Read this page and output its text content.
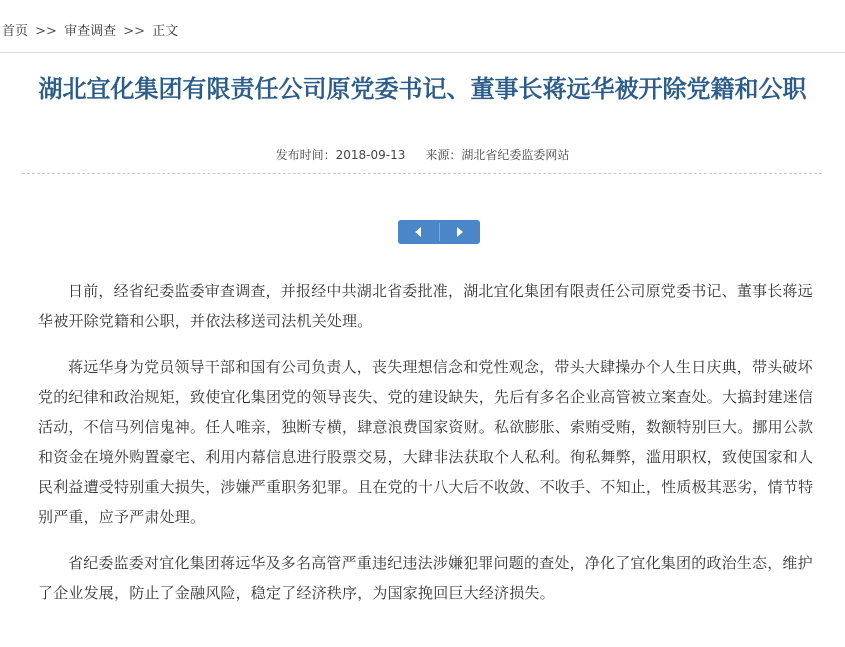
首页 >> 审查调查 >> 正文
湖北宜化集团有限责任公司原党委书记、董事长蒋远华被开除党籍和公职
发布时间：2018-09-13 来源：湖北省纪委监委网站

日前，经省纪委监委审查调查，并报经中共湖北省委批准，湖北宜化集团有限责任公司原党委书记、董事长蒋远华被开除党籍和公职，并依法移送司法机关处理。

蒋远华身为党员领导干部和国有公司负责人，丧失理想信念和党性观念，带头大肆操办个人生日庆典，带头破坏党的纪律和政治规矩，致使宜化集团党的领导丧失、党的建设缺失，先后有多名企业高管被立案查处。大搞封建迷信活动，不信马列信鬼神。任人唯亲，独断专横，肆意浪费国家资财。私欲膨胀、索贿受贿，数额特别巨大。挪用公款和资金在境外购置豪宅、利用内幕信息进行股票交易，大肆非法获取个人私利。徇私舞弊，滥用职权，致使国家和人民利益遭受特别重大损失，涉嫌严重职务犯罪。且在党的十八大后不收敛、不收手、不知止，性质极其恶劣，情节特别严重，应予严肃处理。

省纪委监委对宜化集团蒋远华及多名高管严重违纪违法涉嫌犯罪问题的查处，净化了宜化集团的政治生态，维护了企业发展，防止了金融风险，稳定了经济秩序，为国家挽回巨大经济损失。
